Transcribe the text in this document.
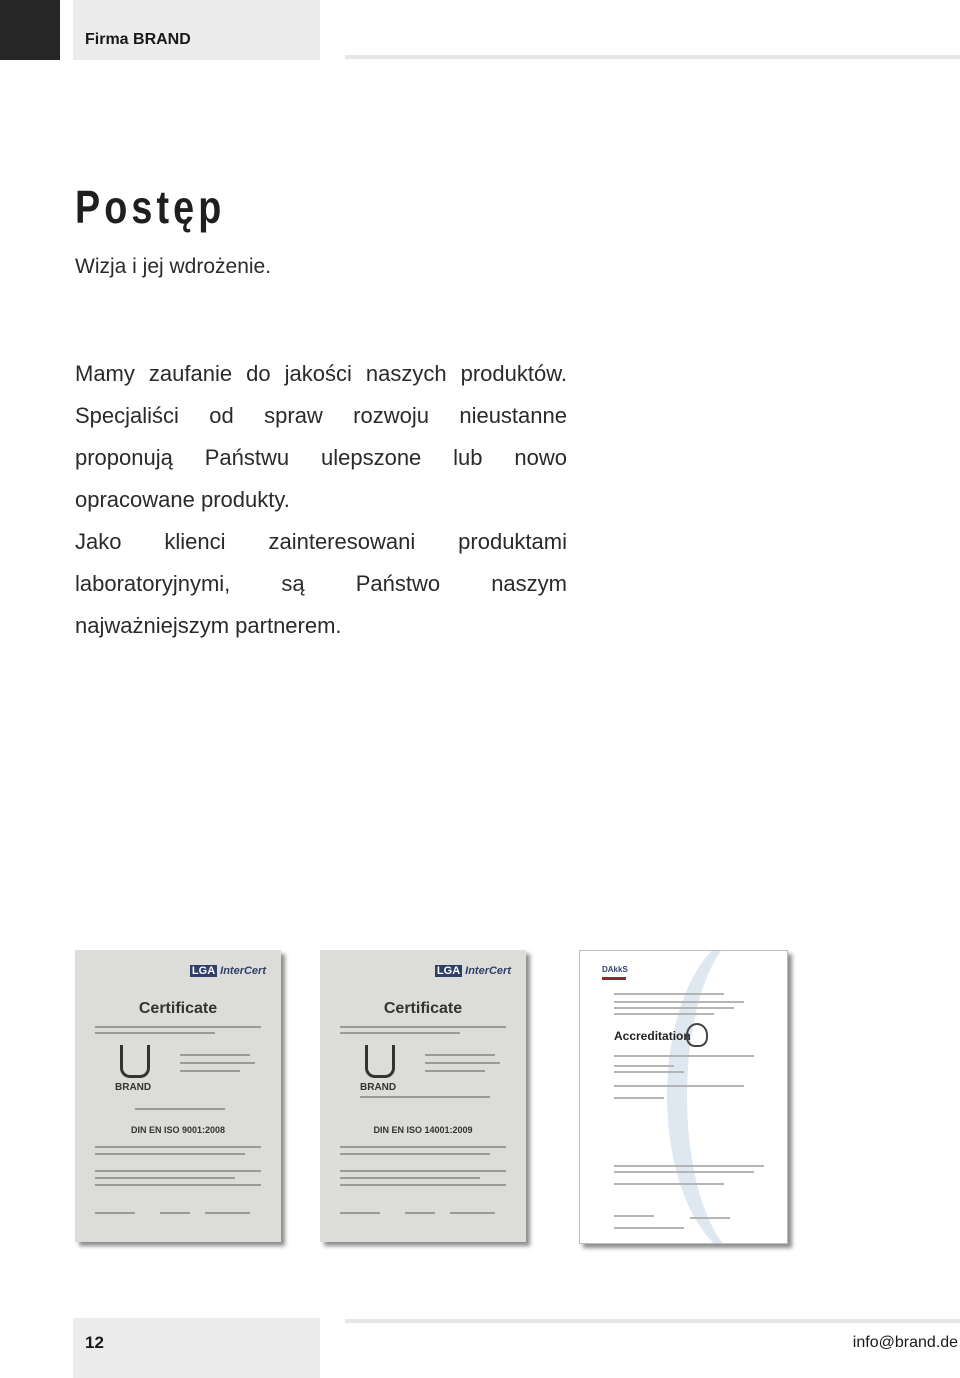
Firma BRAND
Postęp
Wizja i jej wdrożenie.

Mamy zaufanie do jakości naszych produktów. Specjaliści od spraw rozwoju nieustanne proponują Państwu ulepszone lub nowo opracowane produkty.

Jako klienci zainteresowani produktami laboratoryjnymi, są Państwo naszym najważniejszym partnerem.

LGA InterCert
Certificate
BRAND
DIN EN ISO 9001:2008
LGA InterCert
Certificate
BRAND
DIN EN ISO 14001:2009
DAkkS
Accreditation
12	info@brand.de
